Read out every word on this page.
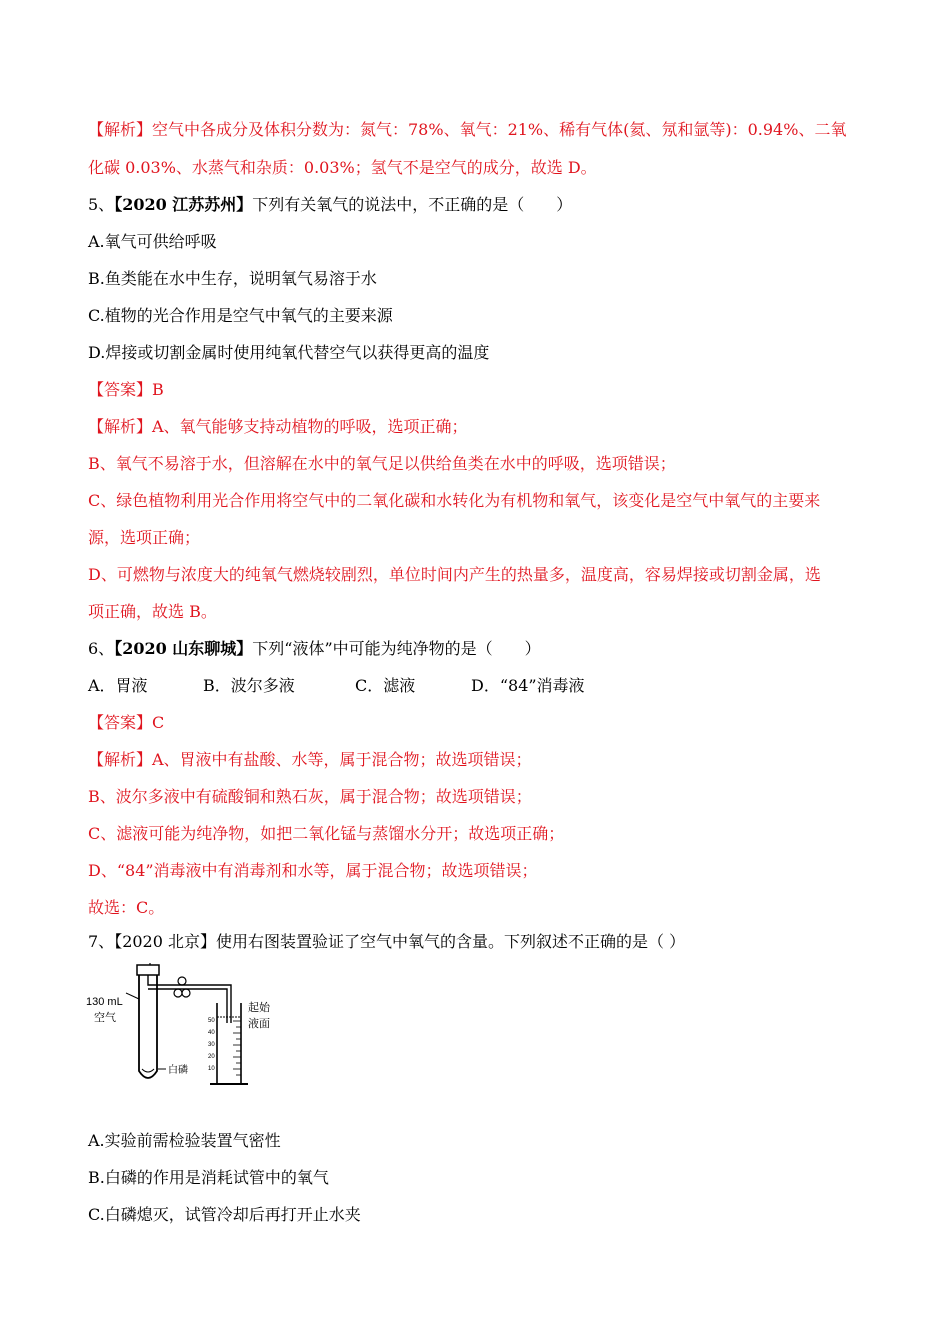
【解析】空气中各成分及体积分数为：氮气：78%、氧气：21%、稀有气体(氦、氖和氩等)：0.94%、二氧
化碳 0.03%、水蒸气和杂质：0.03%；氢气不是空气的成分，故选 D。
5、【2020 江苏苏州】下列有关氧气的说法中，不正确的是（　　）
A.氧气可供给呼吸
B.鱼类能在水中生存，说明氧气易溶于水
C.植物的光合作用是空气中氧气的主要来源
D.焊接或切割金属时使用纯氧代替空气以获得更高的温度
【答案】B
【解析】A、氧气能够支持动植物的呼吸，选项正确；
B、氧气不易溶于水，但溶解在水中的氧气足以供给鱼类在水中的呼吸，选项错误；
C、绿色植物利用光合作用将空气中的二氧化碳和水转化为有机物和氧气，该变化是空气中氧气的主要来
源，选项正确；
D、可燃物与浓度大的纯氧气燃烧较剧烈，单位时间内产生的热量多，温度高，容易焊接或切割金属，选
项正确，故选 B。
6、【2020 山东聊城】下列“液体”中可能为纯净物的是（　　）
A．胃液	B．波尔多液	C．滤液	D．“84”消毒液
【答案】C
【解析】A、胃液中有盐酸、水等，属于混合物；故选项错误；
B、波尔多液中有硫酸铜和熟石灰，属于混合物；故选项错误；
C、滤液可能为纯净物，如把二氧化锰与蒸馏水分开；故选项正确；
D、“84”消毒液中有消毒剂和水等，属于混合物；故选项错误；
故选：C。
7、【2020 北京】使用右图装置验证了空气中氧气的含量。下列叙述不正确的是（ ）
130 mL
空气
白磷
起始
液面
50
40
30
20
10
A.实验前需检验装置气密性
B.白磷的作用是消耗试管中的氧气
C.白磷熄灭，试管冷却后再打开止水夹
